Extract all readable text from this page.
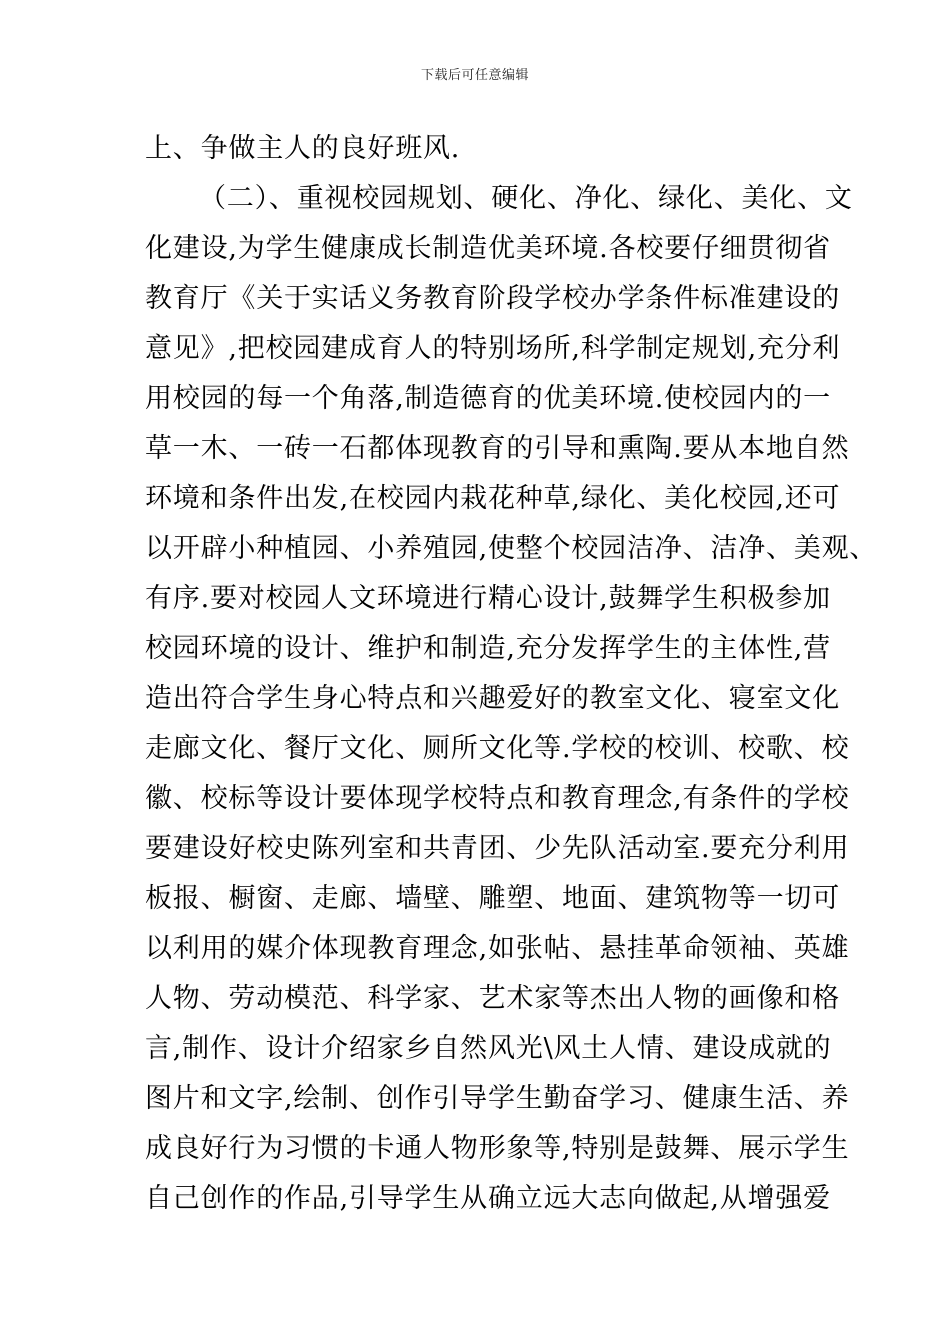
下载后可任意编辑
上、争做主人的良好班风.
（二）、重视校园规划、硬化、净化、绿化、美化、文
化建设,为学生健康成长制造优美环境.各校要仔细贯彻省
教育厅《关于实话义务教育阶段学校办学条件标准建设的
意见》,把校园建成育人的特别场所,科学制定规划,充分利
用校园的每一个角落,制造德育的优美环境.使校园内的一
草一木、一砖一石都体现教育的引导和熏陶.要从本地自然
环境和条件出发,在校园内栽花种草,绿化、美化校园,还可
以开辟小种植园、小养殖园,使整个校园洁净、洁净、美观、
有序.要对校园人文环境进行精心设计,鼓舞学生积极参加
校园环境的设计、维护和制造,充分发挥学生的主体性,营
造出符合学生身心特点和兴趣爱好的教室文化、寝室文化
走廊文化、餐厅文化、厕所文化等.学校的校训、校歌、校
徽、校标等设计要体现学校特点和教育理念,有条件的学校
要建设好校史陈列室和共青团、少先队活动室.要充分利用
板报、橱窗、走廊、墙壁、雕塑、地面、建筑物等一切可
以利用的媒介体现教育理念,如张帖、悬挂革命领袖、英雄
人物、劳动模范、科学家、艺术家等杰出人物的画像和格
言,制作、设计介绍家乡自然风光\风土人情、建设成就的
图片和文字,绘制、创作引导学生勤奋学习、健康生活、养
成良好行为习惯的卡通人物形象等,特别是鼓舞、展示学生
自己创作的作品,引导学生从确立远大志向做起,从增强爱
